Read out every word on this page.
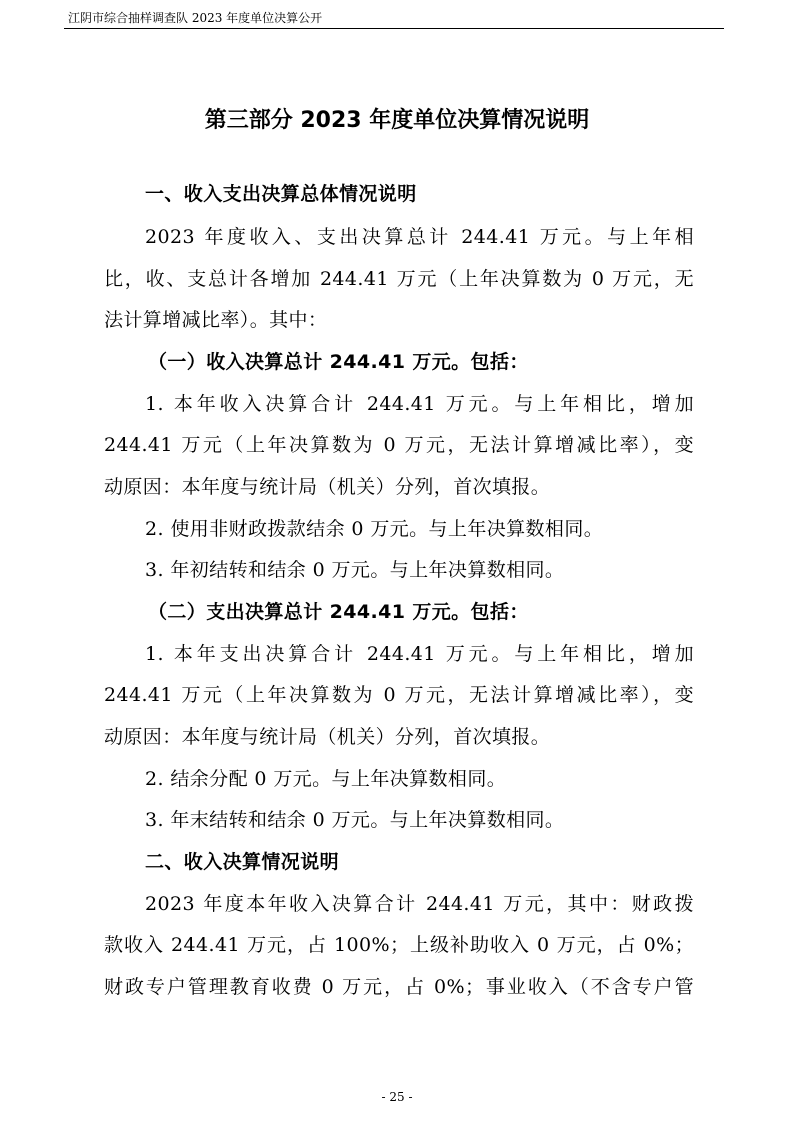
江阴市综合抽样调查队 2023 年度单位决算公开
第三部分 2023 年度单位决算情况说明
一、收入支出决算总体情况说明
2023 年度收入、支出决算总计 244.41 万元。与上年相
比，收、支总计各增加 244.41 万元（上年决算数为 0 万元，无
法计算增减比率）。其中：
（一）收入决算总计 244.41 万元。包括：
1. 本年收入决算合计 244.41 万元。与上年相比，增加
244.41 万元（上年决算数为 0 万元，无法计算增减比率），变
动原因：本年度与统计局（机关）分列，首次填报。
2. 使用非财政拨款结余 0 万元。与上年决算数相同。
3. 年初结转和结余 0 万元。与上年决算数相同。
（二）支出决算总计 244.41 万元。包括：
1. 本年支出决算合计 244.41 万元。与上年相比，增加
244.41 万元（上年决算数为 0 万元，无法计算增减比率），变
动原因：本年度与统计局（机关）分列，首次填报。
2. 结余分配 0 万元。与上年决算数相同。
3. 年末结转和结余 0 万元。与上年决算数相同。
二、收入决算情况说明
2023 年度本年收入决算合计 244.41 万元，其中：财政拨
款收入 244.41 万元，占 100%；上级补助收入 0 万元，占 0%；
财政专户管理教育收费 0 万元，占 0%；事业收入（不含专户管
- 25 -
